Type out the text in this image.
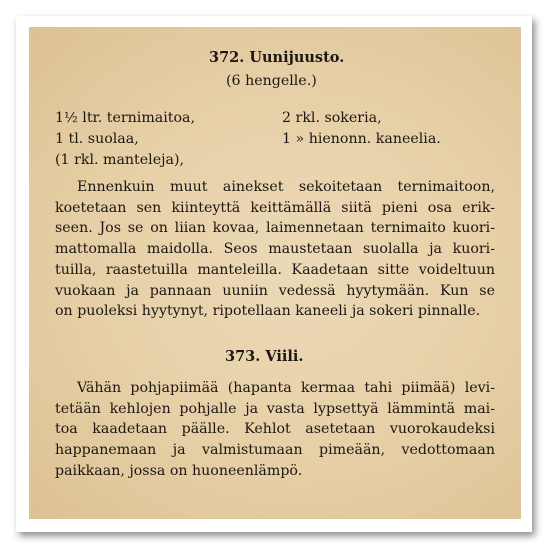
372. Uunijuusto.
(6 hengelle.)
1½ ltr. ternimaitoa,
1 tl. suolaa,
(1 rkl. manteleja),
2 rkl. sokeria,
1 » hienonn. kaneelia.
Ennenkuin muut ainekset sekoitetaan ternimaitoon,
koetetaan sen kiinteyttä keittämällä siitä pieni osa erik-
seen. Jos se on liian kovaa, laimennetaan ternimaito kuori-
mattomalla maidolla. Seos maustetaan suolalla ja kuori-
tuilla, raastetuilla manteleilla. Kaadetaan sitte voideltuun
vuokaan ja pannaan uuniin vedessä hyytymään. Kun se
on puoleksi hyytynyt, ripotellaan kaneeli ja sokeri pinnalle.
373. Viili.
Vähän pohjapiimää (hapanta kermaa tahi piimää) levi-
tetään kehlojen pohjalle ja vasta lypsettyä lämmintä mai-
toa kaadetaan päälle. Kehlot asetetaan vuorokaudeksi
happanemaan ja valmistumaan pimeään, vedottomaan
paikkaan, jossa on huoneenlämpö.
